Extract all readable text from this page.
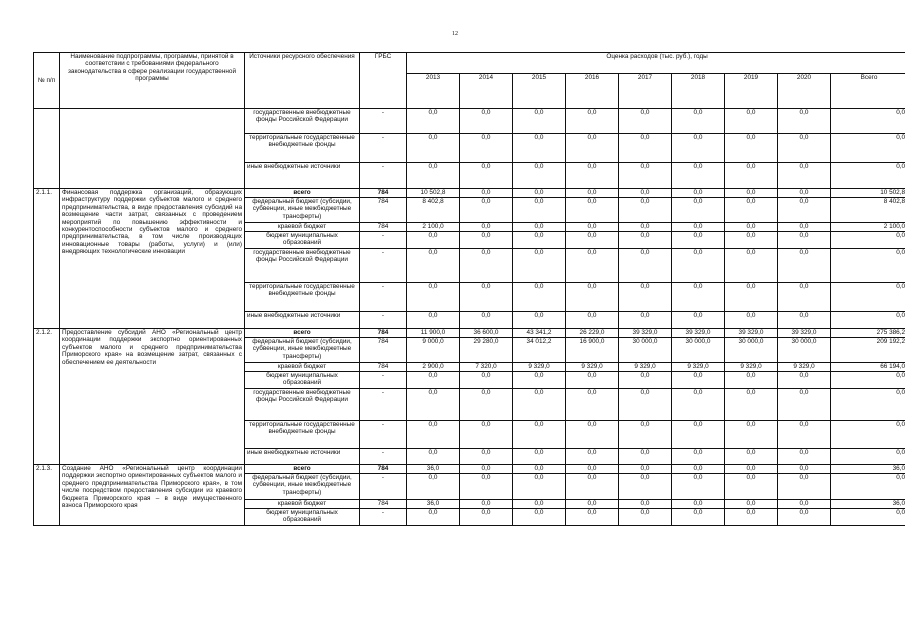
12
№ п/п	Наименование подпрограммы, программы, принятой в соответствии с требованиями федерального законодательства в сфере реализации государственной программы	Источники ресурсного обеспечения	ГРБС	Оценка расходов (тыс. руб.), годы								
				2013	2014	2015	2016	2017	2018	2019	2020	Всего
		государственные внебюджетные фонды Российской Федерации	-	0,0	0,0	0,0	0,0	0,0	0,0	0,0	0,0	0,0
		территориальные государственные внебюджетные фонды	-	0,0	0,0	0,0	0,0	0,0	0,0	0,0	0,0	0,0
		иные внебюджетные источники	-	0,0	0,0	0,0	0,0	0,0	0,0	0,0	0,0	0,0
2.1.1.	Финансовая поддержка организаций, образующих инфраструктуру поддержки субъектов малого и среднего предпринимательства, в виде предоставления субсидий на возмещение части затрат, связанных с проведением мероприятий по повышению эффективности и конкурентоспособности субъектов малого и среднего предпринимательства, в том числе производящих инновационные товары (работы, услуги) и (или) внедряющих технологические инновации	всего	784	10 502,8	0,0	0,0	0,0	0,0	0,0	0,0	0,0	10 502,8
		федеральный бюджет (субсидии, субвенции, иные межбюджетные трансферты)	784	8 402,8	0,0	0,0	0,0	0,0	0,0	0,0	0,0	8 402,8
		краевой бюджет	784	2 100,0	0,0	0,0	0,0	0,0	0,0	0,0	0,0	2 100,0
		бюджет муниципальных образований	-	0,0	0,0	0,0	0,0	0,0	0,0	0,0	0,0	0,0
		государственные внебюджетные фонды Российской Федерации	-	0,0	0,0	0,0	0,0	0,0	0,0	0,0	0,0	0,0
		территориальные государственные внебюджетные фонды	-	0,0	0,0	0,0	0,0	0,0	0,0	0,0	0,0	0,0
		иные внебюджетные источники	-	0,0	0,0	0,0	0,0	0,0	0,0	0,0	0,0	0,0
2.1.2.	Предоставление субсидий АНО «Региональный центр координации поддержки экспортно ориентированных субъектов малого и среднего предпринимательства Приморского края» на возмещение затрат, связанных с обеспечением ее деятельности	всего	784	11 900,0	36 600,0	43 341,2	26 229,0	39 329,0	39 329,0	39 329,0	39 329,0	275 386,2
		федеральный бюджет (субсидии, субвенции, иные межбюджетные трансферты)	784	9 000,0	29 280,0	34 012,2	16 900,0	30 000,0	30 000,0	30 000,0	30 000,0	209 192,2
		краевой бюджет	784	2 900,0	7 320,0	9 329,0	9 329,0	9 329,0	9 329,0	9 329,0	9 329,0	66 194,0
		бюджет муниципальных образований	-	0,0	0,0	0,0	0,0	0,0	0,0	0,0	0,0	0,0
		государственные внебюджетные фонды Российской Федерации	-	0,0	0,0	0,0	0,0	0,0	0,0	0,0	0,0	0,0
		территориальные государственные внебюджетные фонды	-	0,0	0,0	0,0	0,0	0,0	0,0	0,0	0,0	0,0
		иные внебюджетные источники	-	0,0	0,0	0,0	0,0	0,0	0,0	0,0	0,0	0,0
2.1.3.	Создание АНО «Региональный центр координации поддержки экспортно ориентированных субъектов малого и среднего предпринимательства Приморского края», в том числе посредством предоставления субсидии из краевого бюджета Приморского края – в виде имущественного взноса Приморского края	всего	784	36,0	0,0	0,0	0,0	0,0	0,0	0,0	0,0	36,0
		федеральный бюджет (субсидии, субвенции, иные межбюджетные трансферты)	-	0,0	0,0	0,0	0,0	0,0	0,0	0,0	0,0	0,0
		краевой бюджет	784	36,0	0,0	0,0	0,0	0,0	0,0	0,0	0,0	36,0
		бюджет муниципальных образований	-	0,0	0,0	0,0	0,0	0,0	0,0	0,0	0,0	0,0
